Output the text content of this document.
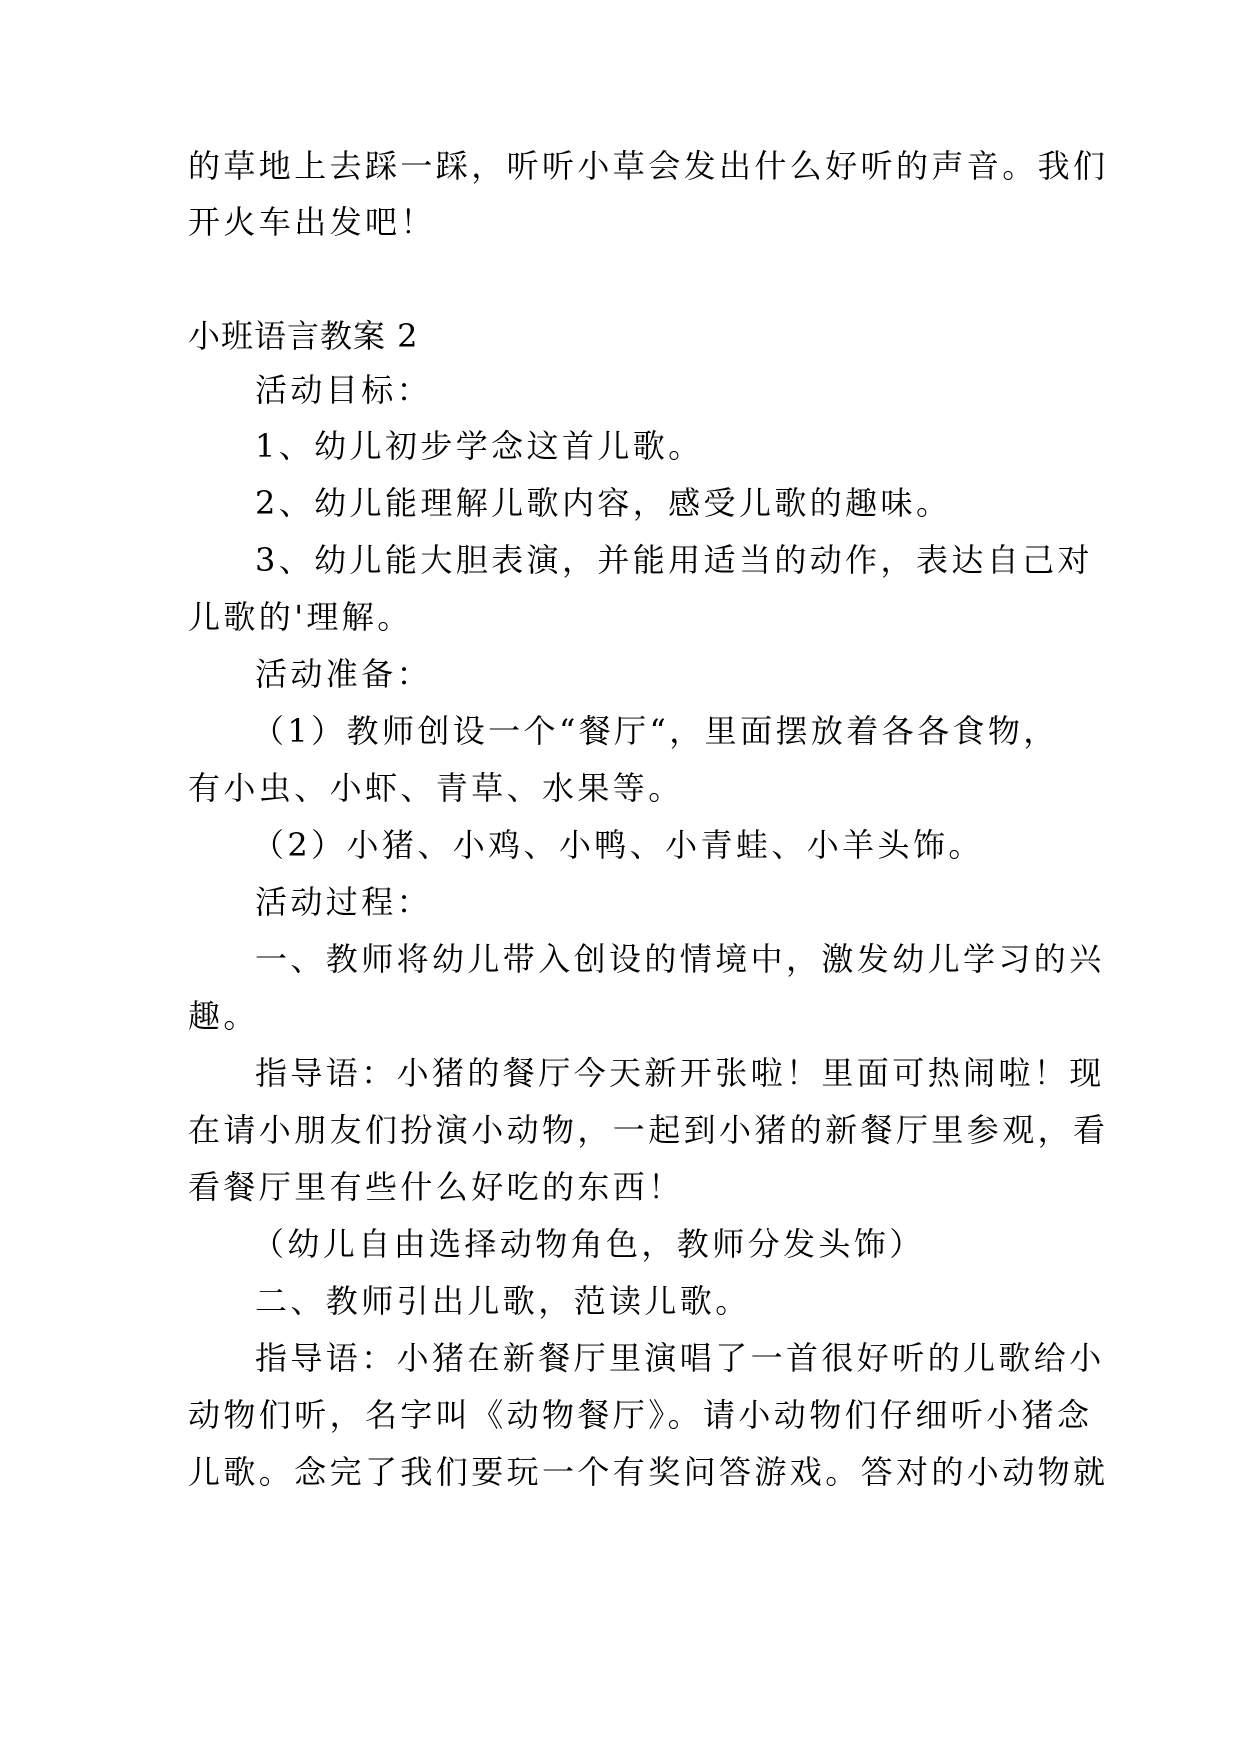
的草地上去踩一踩，听听小草会发出什么好听的声音。我们
开火车出发吧！
小班语言教案 2
活动目标：
1、幼儿初步学念这首儿歌。
2、幼儿能理解儿歌内容，感受儿歌的趣味。
3、幼儿能大胆表演，并能用适当的动作，表达自己对
儿歌的'理解。
活动准备：
（1）教师创设一个“餐厅“，里面摆放着各各食物，
有小虫、小虾、青草、水果等。
（2）小猪、小鸡、小鸭、小青蛙、小羊头饰。
活动过程：
一、教师将幼儿带入创设的情境中，激发幼儿学习的兴
趣。
指导语：小猪的餐厅今天新开张啦！里面可热闹啦！现
在请小朋友们扮演小动物，一起到小猪的新餐厅里参观，看
看餐厅里有些什么好吃的东西！
（幼儿自由选择动物角色，教师分发头饰）
二、教师引出儿歌，范读儿歌。
指导语：小猪在新餐厅里演唱了一首很好听的儿歌给小
动物们听，名字叫《动物餐厅》。请小动物们仔细听小猪念
儿歌。念完了我们要玩一个有奖问答游戏。答对的小动物就
